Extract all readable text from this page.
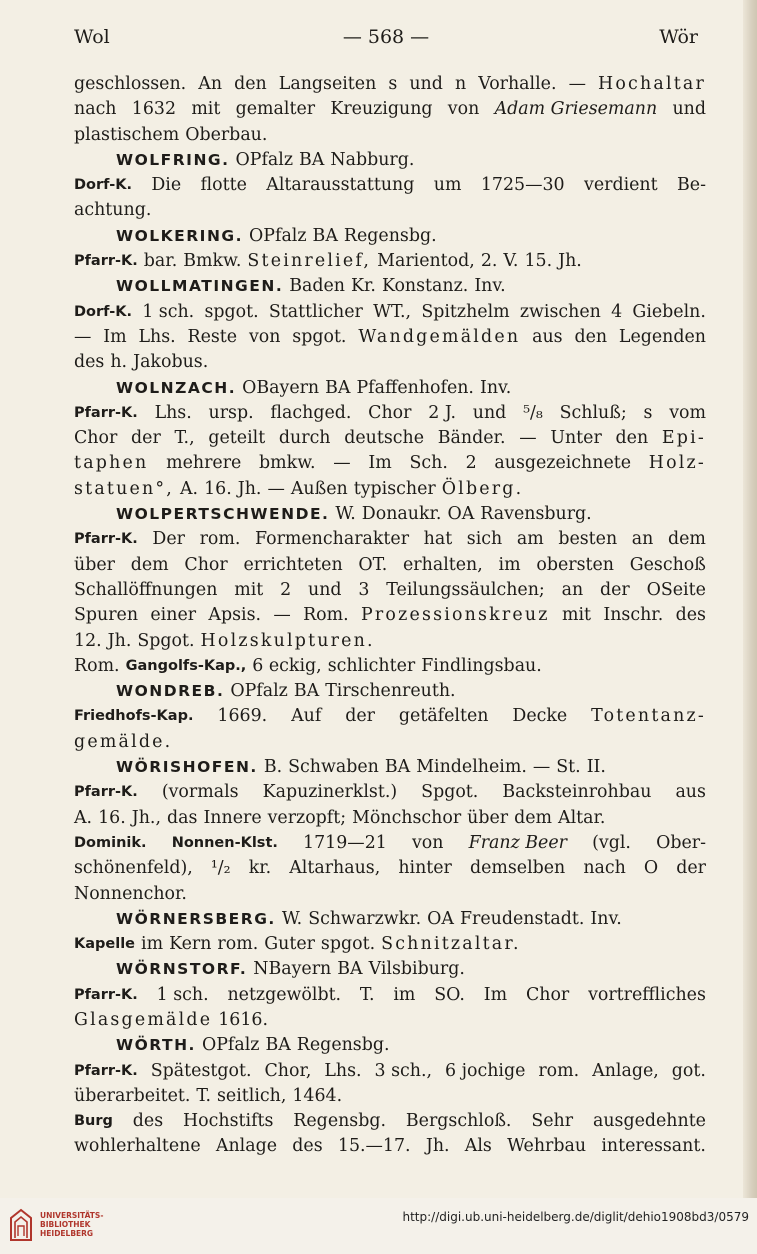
Wol	— 568 —	Wör
geschlossen. An den Langseiten s und n Vorhalle. — Hochaltar
nach 1632 mit gemalter Kreuzigung von Adam Griesemann und
plastischem Oberbau.
WOLFRING. OPfalz BA Nabburg.
Dorf-K. Die flotte Altarausstattung um 1725—30 verdient Be-
achtung.
WOLKERING. OPfalz BA Regensbg.
Pfarr-K. bar. Bmkw. Steinrelief, Marientod, 2. V. 15. Jh.
WOLLMATINGEN. Baden Kr. Konstanz. Inv.
Dorf-K. 1 sch. spgot. Stattlicher WT., Spitzhelm zwischen 4 Giebeln.
— Im Lhs. Reste von spgot. Wandgemälden aus den Legenden
des h. Jakobus.
WOLNZACH. OBayern BA Pfaffenhofen. Inv.
Pfarr-K. Lhs. ursp. flachged. Chor 2 J. und ⁵/₈ Schluß; s vom
Chor der T., geteilt durch deutsche Bänder. — Unter den Epi-
taphen mehrere bmkw. — Im Sch. 2 ausgezeichnete Holz-
statuen°, A. 16. Jh. — Außen typischer Ölberg.
WOLPERTSCHWENDE. W. Donaukr. OA Ravensburg.
Pfarr-K. Der rom. Formencharakter hat sich am besten an dem
über dem Chor errichteten OT. erhalten, im obersten Geschoß
Schallöffnungen mit 2 und 3 Teilungssäulchen; an der OSeite
Spuren einer Apsis. — Rom. Prozessionskreuz mit Inschr. des
12. Jh. Spgot. Holzskulpturen.
Rom. Gangolfs-Kap., 6 eckig, schlichter Findlingsbau.
WONDREB. OPfalz BA Tirschenreuth.
Friedhofs-Kap. 1669. Auf der getäfelten Decke Totentanz-
gemälde.
WÖRISHOFEN. B. Schwaben BA Mindelheim. — St. II.
Pfarr-K. (vormals Kapuzinerklst.) Spgot. Backsteinrohbau aus
A. 16. Jh., das Innere verzopft; Mönchschor über dem Altar.
Dominik. Nonnen-Klst. 1719—21 von Franz Beer (vgl. Ober-
schönenfeld), ¹/₂ kr. Altarhaus, hinter demselben nach O der
Nonnenchor.
WÖRNERSBERG. W. Schwarzwkr. OA Freudenstadt. Inv.
Kapelle im Kern rom. Guter spgot. Schnitzaltar.
WÖRNSTORF. NBayern BA Vilsbiburg.
Pfarr-K. 1 sch. netzgewölbt. T. im SO. Im Chor vortreffliches
Glasgemälde 1616.
WÖRTH. OPfalz BA Regensbg.
Pfarr-K. Spätestgot. Chor, Lhs. 3 sch., 6 jochige rom. Anlage, got.
überarbeitet. T. seitlich, 1464.
Burg des Hochstifts Regensbg. Bergschloß. Sehr ausgedehnte
wohlerhaltene Anlage des 15.—17. Jh. Als Wehrbau interessant.
UNIVERSITÄTS-
BIBLIOTHEK
HEIDELBERG
http://digi.ub.uni-heidelberg.de/diglit/dehio1908bd3/0579
